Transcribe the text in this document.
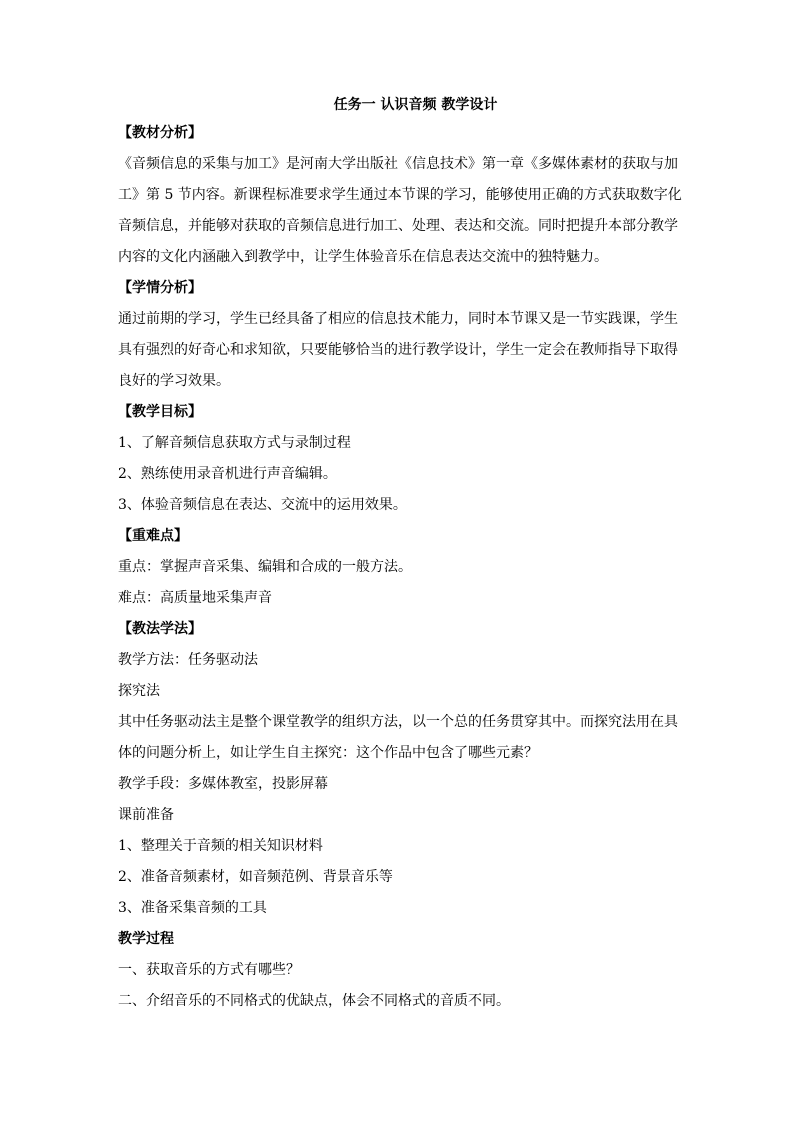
任务一 认识音频 教学设计

【教材分析】

《音频信息的采集与加工》是河南大学出版社《信息技术》第一章《多媒体素材的获取与加

工》第 5 节内容。新课程标准要求学生通过本节课的学习，能够使用正确的方式获取数字化

音频信息，并能够对获取的音频信息进行加工、处理、表达和交流。同时把提升本部分教学

内容的文化内涵融入到教学中，让学生体验音乐在信息表达交流中的独特魅力。

【学情分析】

通过前期的学习，学生已经具备了相应的信息技术能力，同时本节课又是一节实践课，学生

具有强烈的好奇心和求知欲，只要能够恰当的进行教学设计，学生一定会在教师指导下取得

良好的学习效果。

【教学目标】

1、了解音频信息获取方式与录制过程

2、熟练使用录音机进行声音编辑。

3、体验音频信息在表达、交流中的运用效果。

【重难点】

重点：掌握声音采集、编辑和合成的一般方法。

难点：高质量地采集声音

【教法学法】

教学方法：任务驱动法

探究法

其中任务驱动法主是整个课堂教学的组织方法，以一个总的任务贯穿其中。而探究法用在具

体的问题分析上，如让学生自主探究：这个作品中包含了哪些元素？

教学手段：多媒体教室，投影屏幕

课前准备

1、整理关于音频的相关知识材料

2、准备音频素材，如音频范例、背景音乐等

3、准备采集音频的工具

教学过程

一、获取音乐的方式有哪些？

二、介绍音乐的不同格式的优缺点，体会不同格式的音质不同。
